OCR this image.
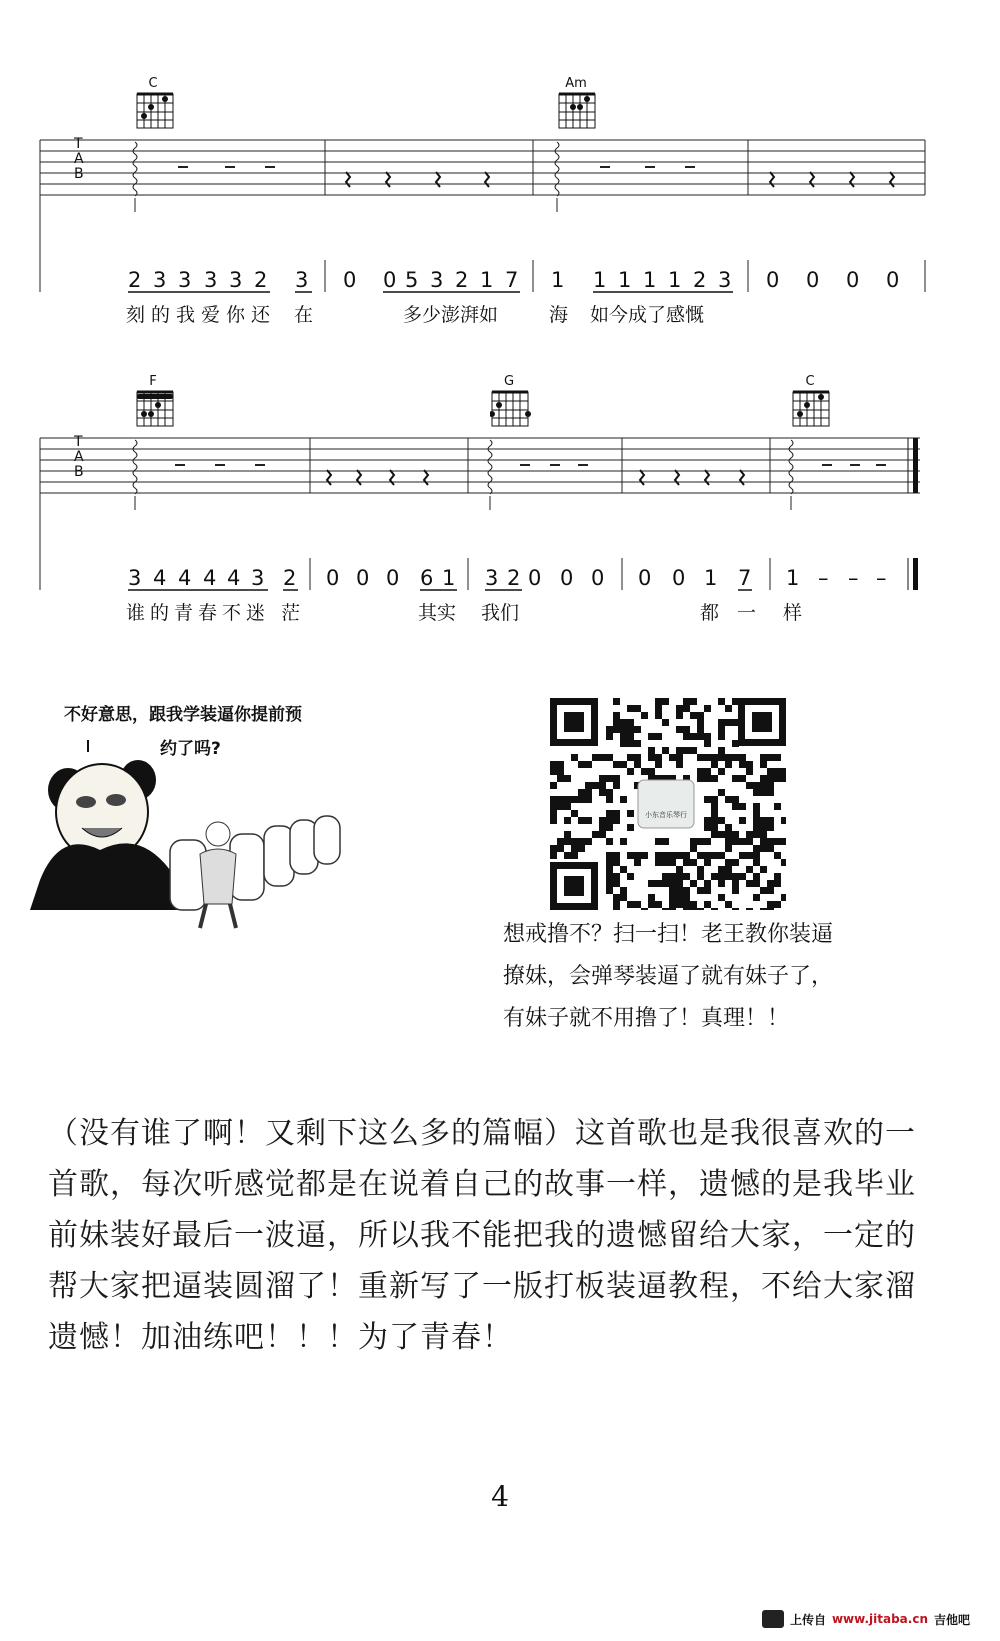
C	Am
T
A
B
2 3 3 3 3 2 3 0 0 5 3 2 1 7 1 1 1 1 1 2 3 0 0 0 0
刻的我爱你还 在	多少澎湃如	海 如今成了感慨
F	G	C
T
A
B
3 4 4 4 4 3 2 0 0 0 6 1 3 2 0 0 0 0 0 1 7 1 – – –
谁的青春不迷 茫	其实 我们	都 一 样
不好意思，跟我学装逼你提前预
约了吗?
小东音乐琴行
想戒撸不？扫一扫！老王教你装逼
撩妹，会弹琴装逼了就有妹子了，
有妹子就不用撸了！真理！！
（没有谁了啊！又剩下这么多的篇幅）这首歌也是我很喜欢的一首歌，每次听感觉都是在说着自己的故事一样，遗憾的是我毕业前妹装好最后一波逼，所以我不能把我的遗憾留给大家，一定的帮大家把逼装圆溜了！重新写了一版打板装逼教程，不给大家溜遗憾！加油练吧！！！为了青春！
4
上传自 www.jitaba.cn 吉他吧
